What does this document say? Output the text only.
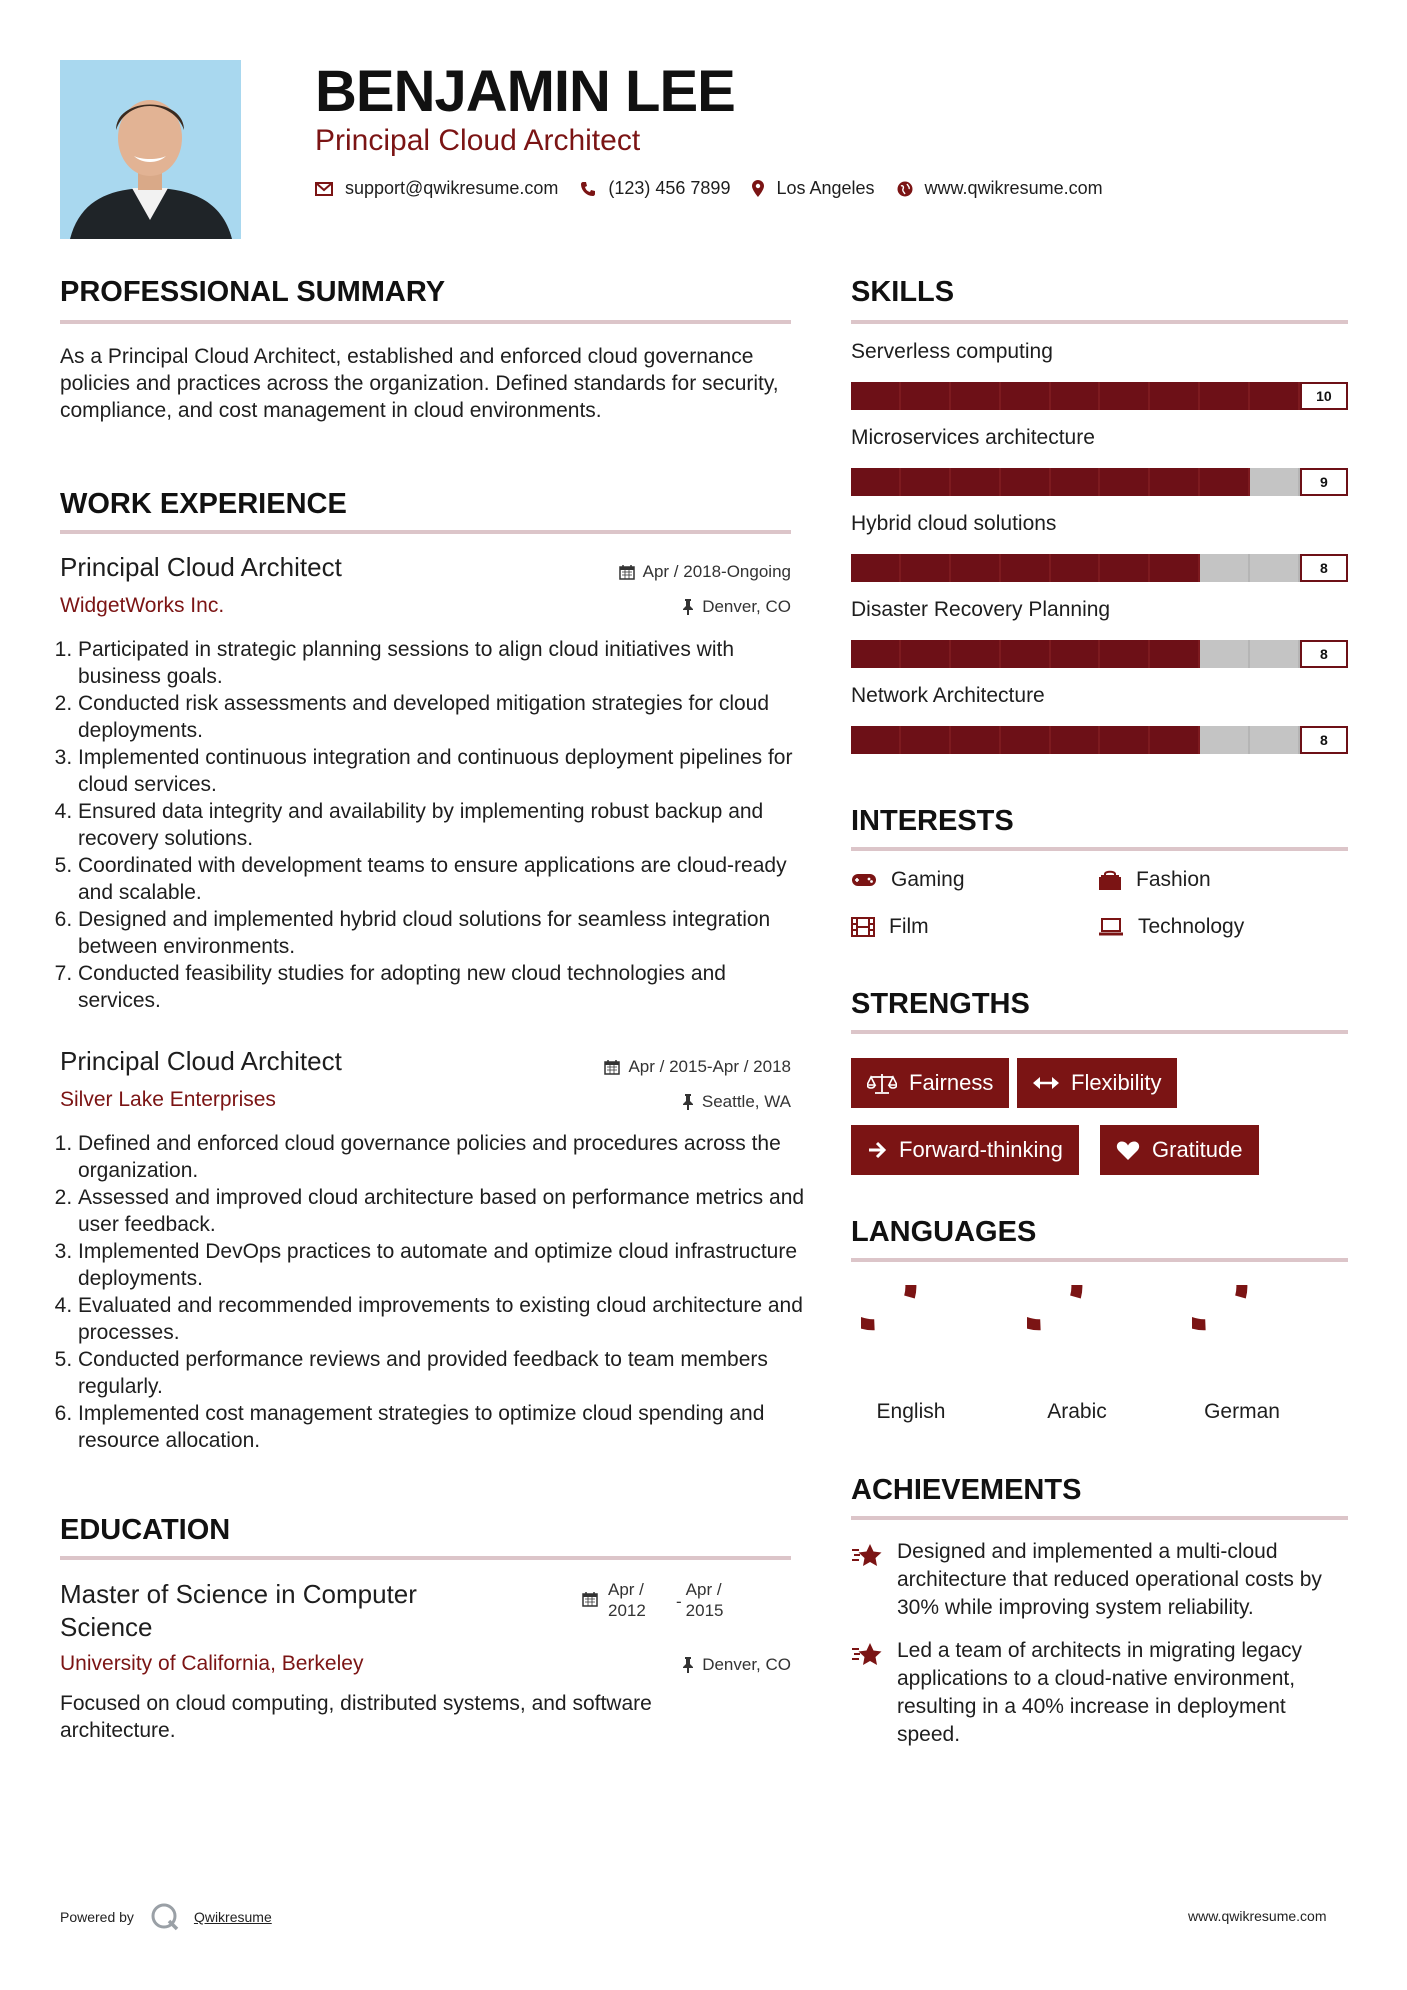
BENJAMIN LEE
Principal Cloud Architect
support@qwikresume.com	(123) 456 7899	Los Angeles	www.qwikresume.com
PROFESSIONAL SUMMARY
As a Principal Cloud Architect, established and enforced cloud governance policies and practices across the organization. Defined standards for security, compliance, and cost management in cloud environments.
WORK EXPERIENCE
Principal Cloud Architect	Apr / 2018-Ongoing
WidgetWorks Inc.	Denver, CO
1. Participated in strategic planning sessions to align cloud initiatives with business goals.
2. Conducted risk assessments and developed mitigation strategies for cloud deployments.
3. Implemented continuous integration and continuous deployment pipelines for cloud services.
4. Ensured data integrity and availability by implementing robust backup and recovery solutions.
5. Coordinated with development teams to ensure applications are cloud-ready and scalable.
6. Designed and implemented hybrid cloud solutions for seamless integration between environments.
7. Conducted feasibility studies for adopting new cloud technologies and services.
Principal Cloud Architect	Apr / 2015-Apr / 2018
Silver Lake Enterprises	Seattle, WA
1. Defined and enforced cloud governance policies and procedures across the organization.
2. Assessed and improved cloud architecture based on performance metrics and user feedback.
3. Implemented DevOps practices to automate and optimize cloud infrastructure deployments.
4. Evaluated and recommended improvements to existing cloud architecture and processes.
5. Conducted performance reviews and provided feedback to team members regularly.
6. Implemented cost management strategies to optimize cloud spending and resource allocation.
EDUCATION
Master of Science in Computer Science
Apr / 2012	-
Apr / 2015
University of California, Berkeley	Denver, CO
Focused on cloud computing, distributed systems, and software architecture.
SKILLS
Serverless computing
10
Microservices architecture
9
Hybrid cloud solutions
8
Disaster Recovery Planning
8
Network Architecture
8
INTERESTS
Gaming	Fashion
Film	Technology
STRENGTHS
Fairness	Flexibility
Forward-thinking	Gratitude
LANGUAGES
English	Arabic	German
ACHIEVEMENTS
Designed and implemented a multi-cloud architecture that reduced operational costs by 30% while improving system reliability.
Led a team of architects in migrating legacy applications to a cloud-native environment, resulting in a 40% increase in deployment speed.
Powered by	Qwikresume	www.qwikresume.com
